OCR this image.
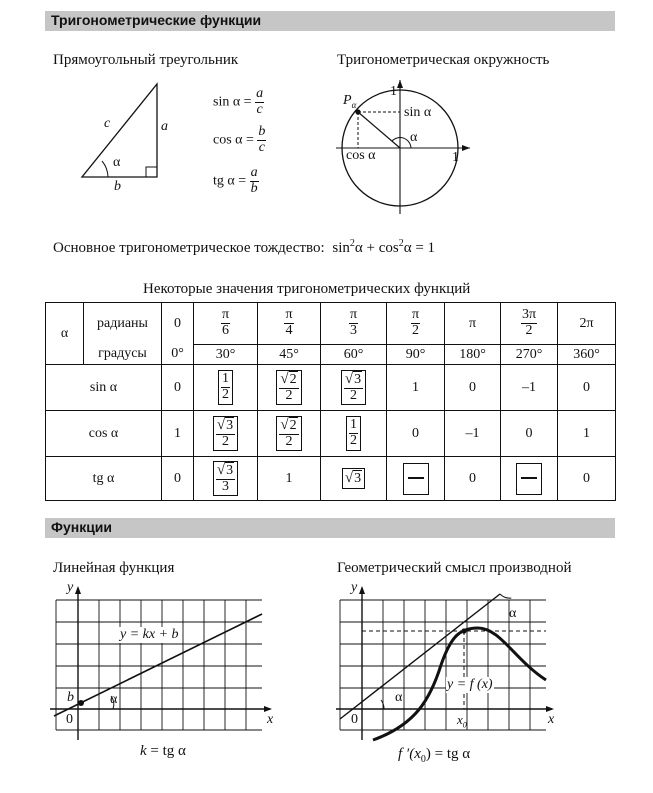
Тригонометрические функции
Прямоугольный треугольник
c	a
b
α
$\sin \alpha = \frac{a}{c}$
$\cos \alpha = \frac{b}{c}$
tg $\alpha = \frac{a}{b}$
Тригонометрическая окружность
$P_\alpha$
1
1
sin α
cos α
α
Основное тригонометрическое тождество: $\sin^2\alpha + \cos^2\alpha = 1$
Некоторые значения тригонометрических функций
α	радианы	0	$\frac{\pi}{6}$	$\frac{\pi}{4}$	$\frac{\pi}{3}$	$\frac{\pi}{2}$	π	$\frac{3\pi}{2}$	2π
	градусы	0°	30°	45°	60°	90°	180°	270°	360°
sin α		0	$\frac{1}{2}$	$\frac{√2}{2}$	$\frac{√3}{2}$	1	0	–1	0
cos α		1	$\frac{√3}{2}$	$\frac{√2}{2}$	$\frac{1}{2}$	0	–1	0	1
tg α		0	$\frac{√3}{3}$	1	√3		0		0
Функции
Линейная функция
y
x
0
b	α
y = kx + b
k = tg α
Геометрический смысл производной
y
x
0
α
α
y = f (x)
$x_0$
f $'(x_0)$ = tg α
